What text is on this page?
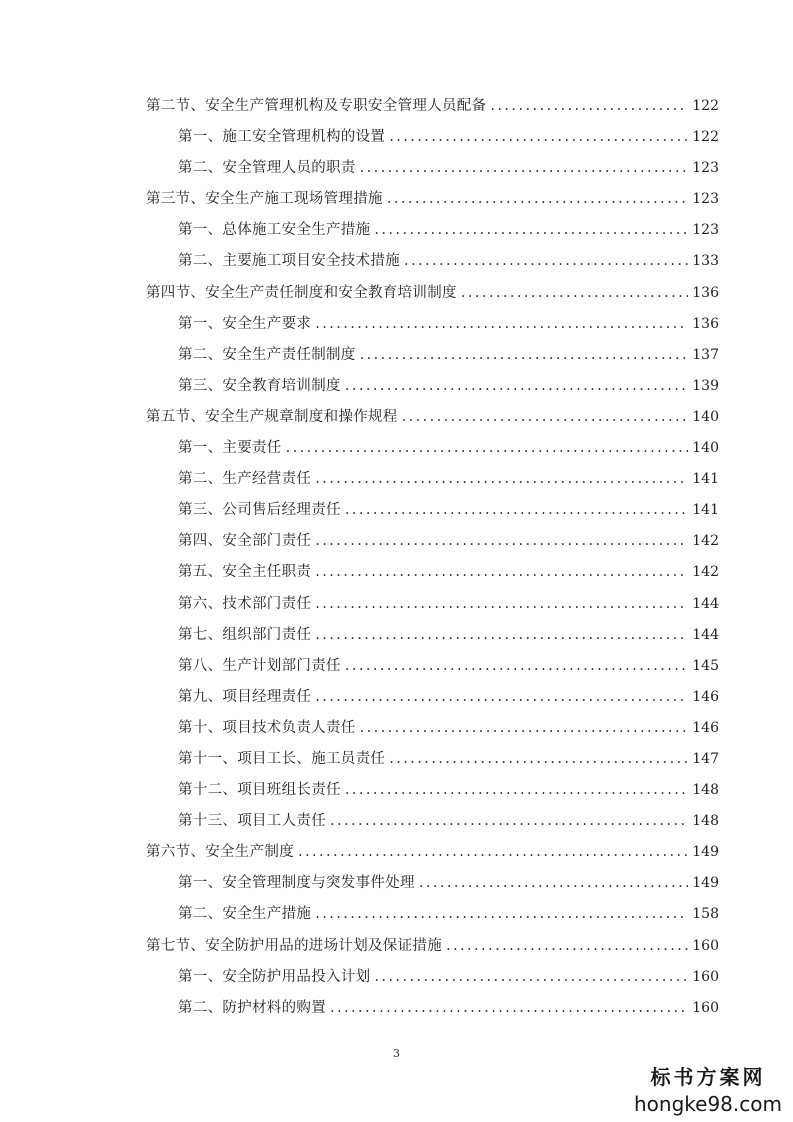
第二节、安全生产管理机构及专职安全管理人员配备 .....	122
第一、施工安全管理机构的设置 .....	122
第二、安全管理人员的职责 .....	123
第三节、安全生产施工现场管理措施 .....	123
第一、总体施工安全生产措施 .....	123
第二、主要施工项目安全技术措施 .....	133
第四节、安全生产责任制度和安全教育培训制度 .....	136
第一、安全生产要求 .....	136
第二、安全生产责任制制度 .....	137
第三、安全教育培训制度 .....	139
第五节、安全生产规章制度和操作规程 .....	140
第一、主要责任 .....	140
第二、生产经营责任 .....	141
第三、公司售后经理责任 .....	141
第四、安全部门责任 .....	142
第五、安全主任职责 .....	142
第六、技术部门责任 .....	144
第七、组织部门责任 .....	144
第八、生产计划部门责任 .....	145
第九、项目经理责任 .....	146
第十、项目技术负责人责任 .....	146
第十一、项目工长、施工员责任 .....	147
第十二、项目班组长责任 .....	148
第十三、项目工人责任 .....	148
第六节、安全生产制度 .....	149
第一、安全管理制度与突发事件处理 .....	149
第二、安全生产措施 .....	158
第七节、安全防护用品的进场计划及保证措施 .....	160
第一、安全防护用品投入计划 .....	160
第二、防护材料的购置 .....	160
3
标书方案网
hongke98.com
